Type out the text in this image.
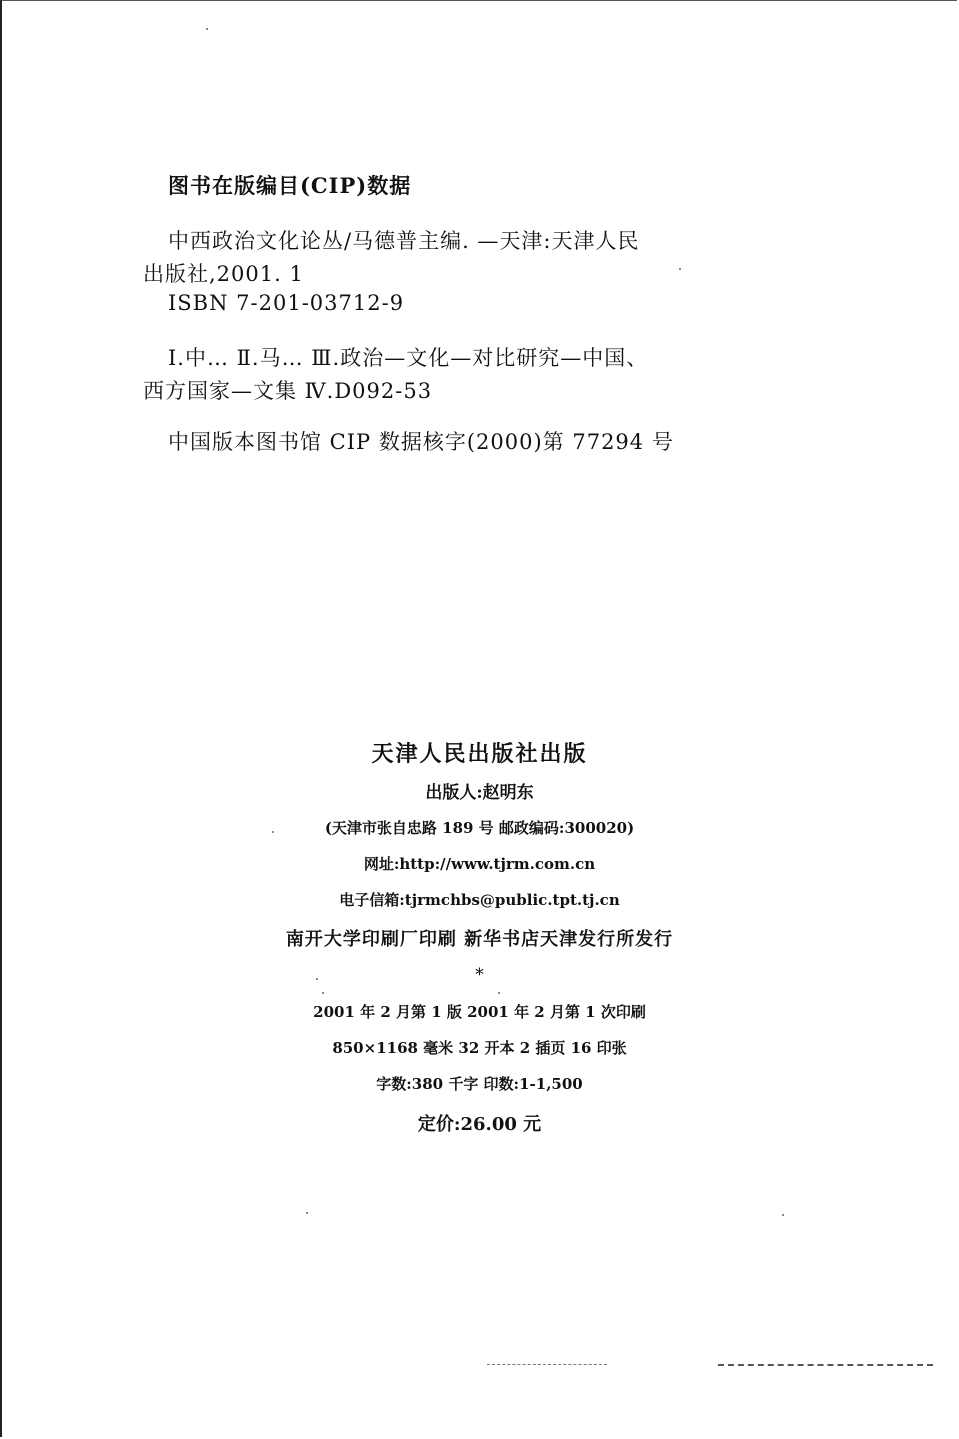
图书在版编目(CIP)数据
中西政治文化论丛/马德普主编. —天津:天津人民
出版社,2001. 1
ISBN 7-201-03712-9
Ⅰ.中… Ⅱ.马… Ⅲ.政治—文化—对比研究—中国、
西方国家—文集 Ⅳ.D092-53
中国版本图书馆 CIP 数据核字(2000)第 77294 号
天津人民出版社出版
出版人:赵明东
(天津市张自忠路 189 号 邮政编码:300020)
网址:http://www.tjrm.com.cn
电子信箱:tjrmchbs@public.tpt.tj.cn
南开大学印刷厂印刷 新华书店天津发行所发行
*
2001 年 2 月第 1 版 2001 年 2 月第 1 次印刷
850×1168 毫米 32 开本 2 插页 16 印张
字数:380 千字 印数:1-1,500
定价:26.00 元
